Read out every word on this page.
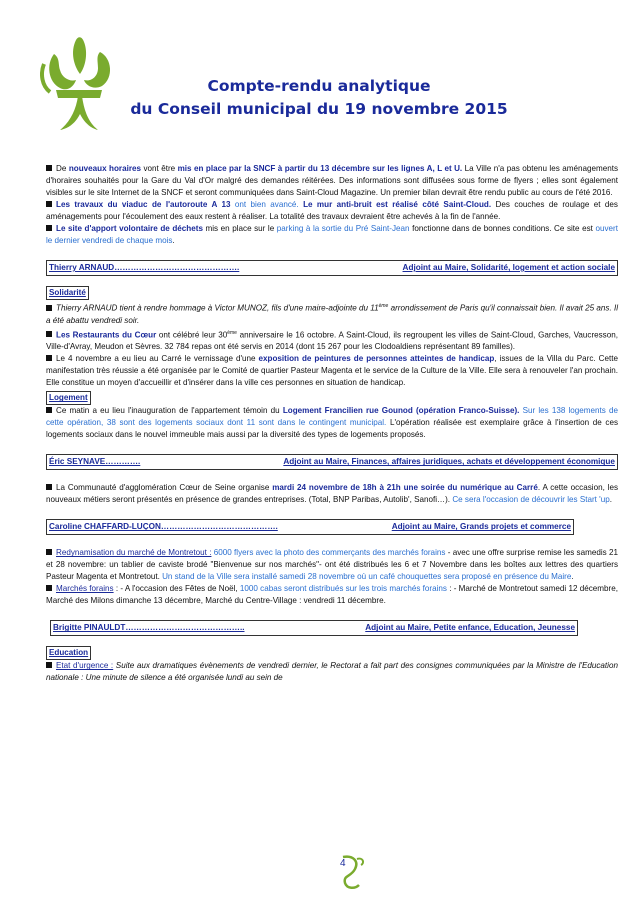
Compte-rendu analytique
du Conseil municipal du 19 novembre 2015

De nouveaux horaires vont être mis en place par la SNCF à partir du 13 décembre sur les lignes A, L et U. La Ville n'a pas obtenu les aménagements d'horaires souhaités pour la Gare du Val d'Or malgré des demandes réitérées. Des informations sont diffusées sous forme de flyers ; elles sont également visibles sur le site Internet de la SNCF et seront communiquées dans Saint-Cloud Magazine. Un premier bilan devrait être rendu public au cours de l'été 2016.

Les travaux du viaduc de l'autoroute A 13 ont bien avancé. Le mur anti-bruit est réalisé côté Saint-Cloud. Des couches de roulage et des aménagements pour l'écoulement des eaux restent à réaliser. La totalité des travaux devraient être achevés à la fin de l'année.

Le site d'apport volontaire de déchets mis en place sur le parking à la sortie du Pré Saint-Jean fonctionne dans de bonnes conditions. Ce site est ouvert le dernier vendredi de chaque mois.

Thierry ARNAUD……………………………………….	Adjoint au Maire, Solidarité, logement et action sociale
Solidarité

Thierry ARNAUD tient à rendre hommage à Victor MUNOZ, fils d'une maire-adjointe du 11ème arrondissement de Paris qu'il connaissait bien. Il avait 25 ans. Il a été abattu vendredi soir.

Les Restaurants du Cœur ont célébré leur 30ème anniversaire le 16 octobre. A Saint-Cloud, ils regroupent les villes de Saint-Cloud, Garches, Vaucresson, Ville-d'Avray, Meudon et Sèvres. 32 784 repas ont été servis en 2014 (dont 15 267 pour les Clodoaldiens représentant 89 familles).

Le 4 novembre a eu lieu au Carré le vernissage d'une exposition de peintures de personnes atteintes de handicap, issues de la Villa du Parc. Cette manifestation très réussie a été organisée par le Comité de quartier Pasteur Magenta et le service de la Culture de la Ville. Elle sera à renouveler l'an prochain. Elle constitue un moyen d'accueillir et d'insérer dans la ville ces personnes en situation de handicap.

Logement

Ce matin a eu lieu l'inauguration de l'appartement témoin du Logement Francilien rue Gounod (opération Franco-Suisse). Sur les 138 logements de cette opération, 38 sont des logements sociaux dont 11 sont dans le contingent municipal. L'opération réalisée est exemplaire grâce à l'insertion de ces logements sociaux dans le nouvel immeuble mais aussi par la diversité des types de logements proposés.

Éric SEYNAVE………….	Adjoint au Maire, Finances, affaires juridiques, achats et développement économique

La Communauté d'agglomération Cœur de Seine organise mardi 24 novembre de 18h à 21h une soirée du numérique au Carré. A cette occasion, les nouveaux métiers seront présentés en présence de grandes entreprises. (Total, BNP Paribas, Autolib', Sanofi…). Ce sera l'occasion de découvrir les Start 'up.

Caroline CHAFFARD-LUÇON…………………………………….	Adjoint au Maire, Grands projets et commerce

Redynamisation du marché de Montretout : 6000 flyers avec la photo des commerçants des marchés forains - avec une offre surprise remise les samedis 21 et 28 novembre: un tablier de caviste brodé "Bienvenue sur nos marchés"- ont été distribués les 6 et 7 Novembre dans les boîtes aux lettres des quartiers Pasteur Magenta et Montretout. Un stand de la Ville sera installé samedi 28 novembre où un café chouquettes sera proposé en présence du Maire.

Marchés forains : - A l'occasion des Fêtes de Noël, 1000 cabas seront distribués sur les trois marchés forains : - Marché de Montretout samedi 12 décembre, Marché des Milons dimanche 13 décembre, Marché du Centre-Village : vendredi 11 décembre.

Brigitte PINAULDT……………………………………..	Adjoint au Maire, Petite enfance, Education, Jeunesse
Education

Etat d'urgence : Suite aux dramatiques évènements de vendredi dernier, le Rectorat a fait part des consignes communiquées par la Ministre de l'Education nationale : Une minute de silence a été organisée lundi au sein de

4
